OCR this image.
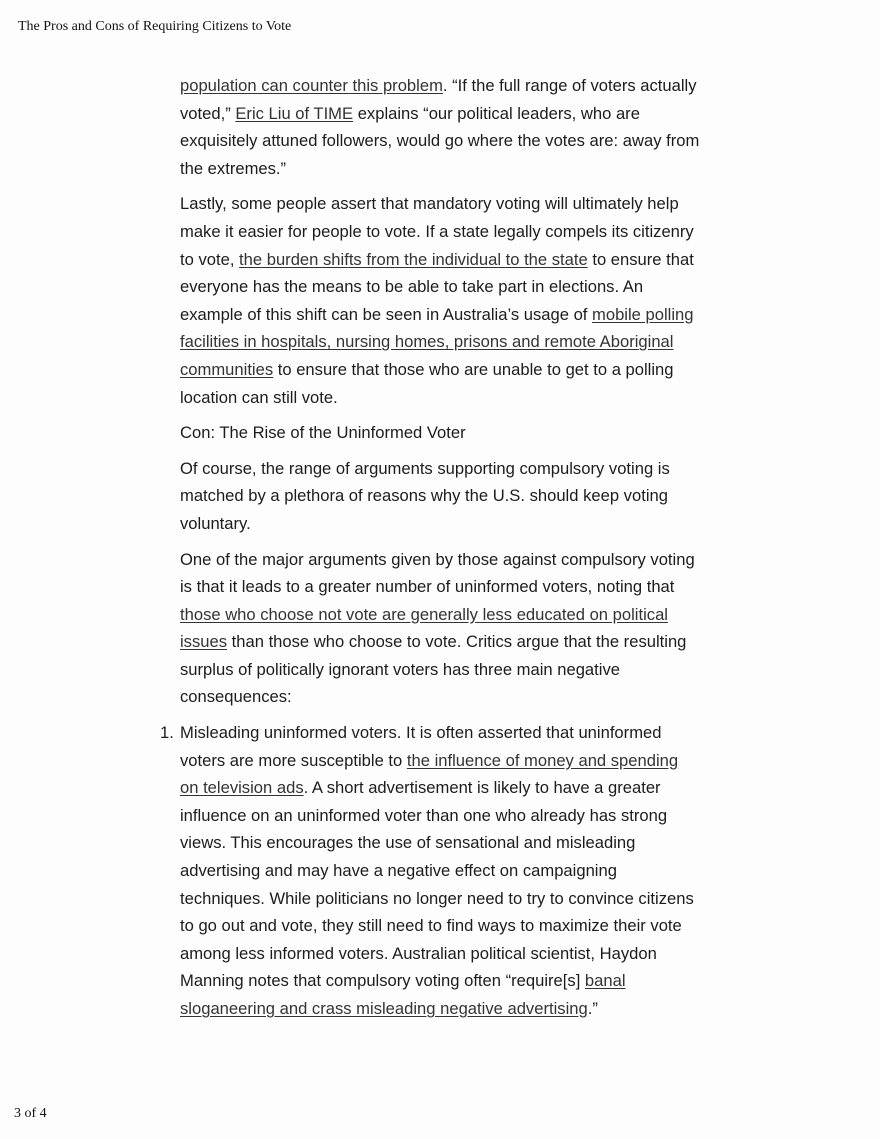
The Pros and Cons of Requiring Citizens to Vote

population can counter this problem. “If the full range of voters actually voted,” Eric Liu of TIME explains “our political leaders, who are exquisitely attuned followers, would go where the votes are: away from the extremes.”

Lastly, some people assert that mandatory voting will ultimately help make it easier for people to vote. If a state legally compels its citizenry to vote, the burden shifts from the individual to the state to ensure that everyone has the means to be able to take part in elections. An example of this shift can be seen in Australia’s usage of mobile polling facilities in hospitals, nursing homes, prisons and remote Aboriginal communities to ensure that those who are unable to get to a polling location can still vote.

Con: The Rise of the Uninformed Voter

Of course, the range of arguments supporting compulsory voting is matched by a plethora of reasons why the U.S. should keep voting voluntary.

One of the major arguments given by those against compulsory voting is that it leads to a greater number of uninformed voters, noting that those who choose not vote are generally less educated on political issues than those who choose to vote. Critics argue that the resulting surplus of politically ignorant voters has three main negative consequences:

1. Misleading uninformed voters. It is often asserted that uninformed voters are more susceptible to the influence of money and spending on television ads. A short advertisement is likely to have a greater influence on an uninformed voter than one who already has strong views. This encourages the use of sensational and misleading advertising and may have a negative effect on campaigning techniques. While politicians no longer need to try to convince citizens to go out and vote, they still need to find ways to maximize their vote among less informed voters. Australian political scientist, Haydon Manning notes that compulsory voting often “require[s] banal sloganeering and crass misleading negative advertising.”
3 of 4
